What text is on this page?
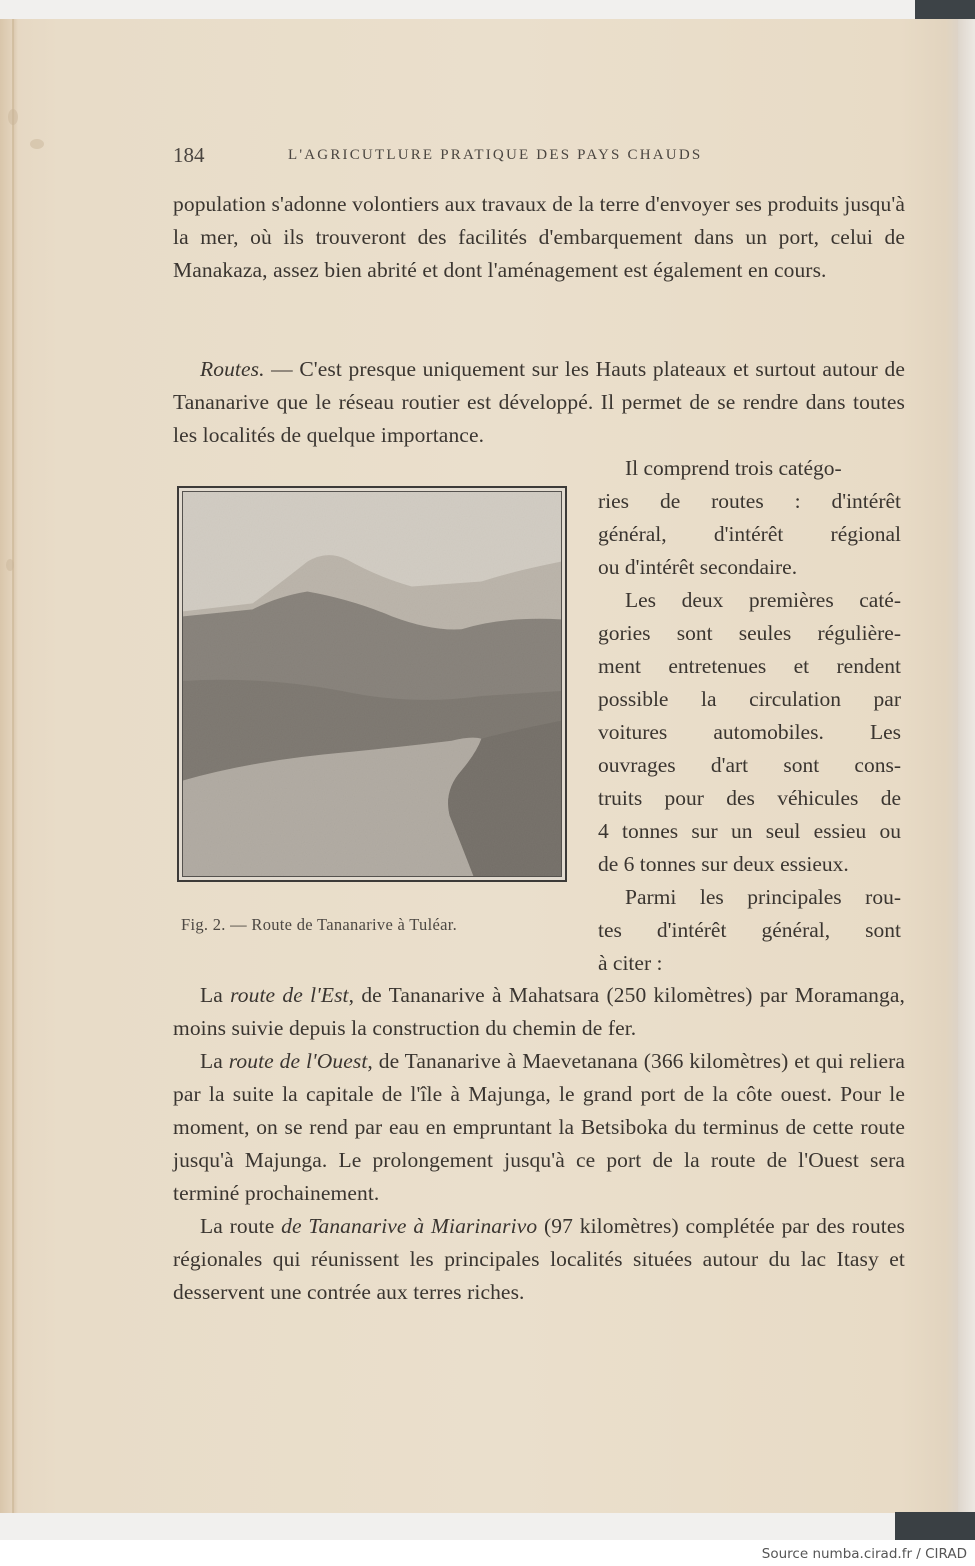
184	L'AGRICUTLURE PRATIQUE DES PAYS CHAUDS

population s'adonne volontiers aux travaux de la terre d'envoyer ses produits jusqu'à la mer, où ils trouveront des facilités d'embarquement dans un port, celui de Manakaza, assez bien abrité et dont l'aménagement est également en cours.

Routes. — C'est presque uniquement sur les Hauts plateaux et surtout autour de Tananarive que le réseau routier est développé. Il permet de se rendre dans toutes les localités de quelque importance.

Fig. 2. — Route de Tananarive à Tuléar.

Il comprend trois catégo-

ries de routes : d'intérêt

général, d'intérêt régional

ou d'intérêt secondaire.

Les deux premières caté-

gories sont seules régulière-

ment entretenues et rendent

possible la circulation par

voitures automobiles. Les

ouvrages d'art sont cons-

truits pour des véhicules de

4 tonnes sur un seul essieu ou

de 6 tonnes sur deux essieux.

Parmi les principales rou-

tes d'intérêt général, sont

à citer :

La route de l'Est, de Tananarive à Mahatsara (250 kilomètres) par Moramanga, moins suivie depuis la construction du chemin de fer.

La route de l'Ouest, de Tananarive à Maevetanana (366 kilomètres) et qui reliera par la suite la capitale de l'île à Majunga, le grand port de la côte ouest. Pour le moment, on se rend par eau en empruntant la Betsiboka du terminus de cette route jusqu'à Majunga. Le prolongement jusqu'à ce port de la route de l'Ouest sera terminé prochainement.

La route de Tananarive à Miarinarivo (97 kilomètres) complétée par des routes régionales qui réunissent les principales localités situées autour du lac Itasy et desservent une contrée aux terres riches.

Source numba.cirad.fr / CIRAD
